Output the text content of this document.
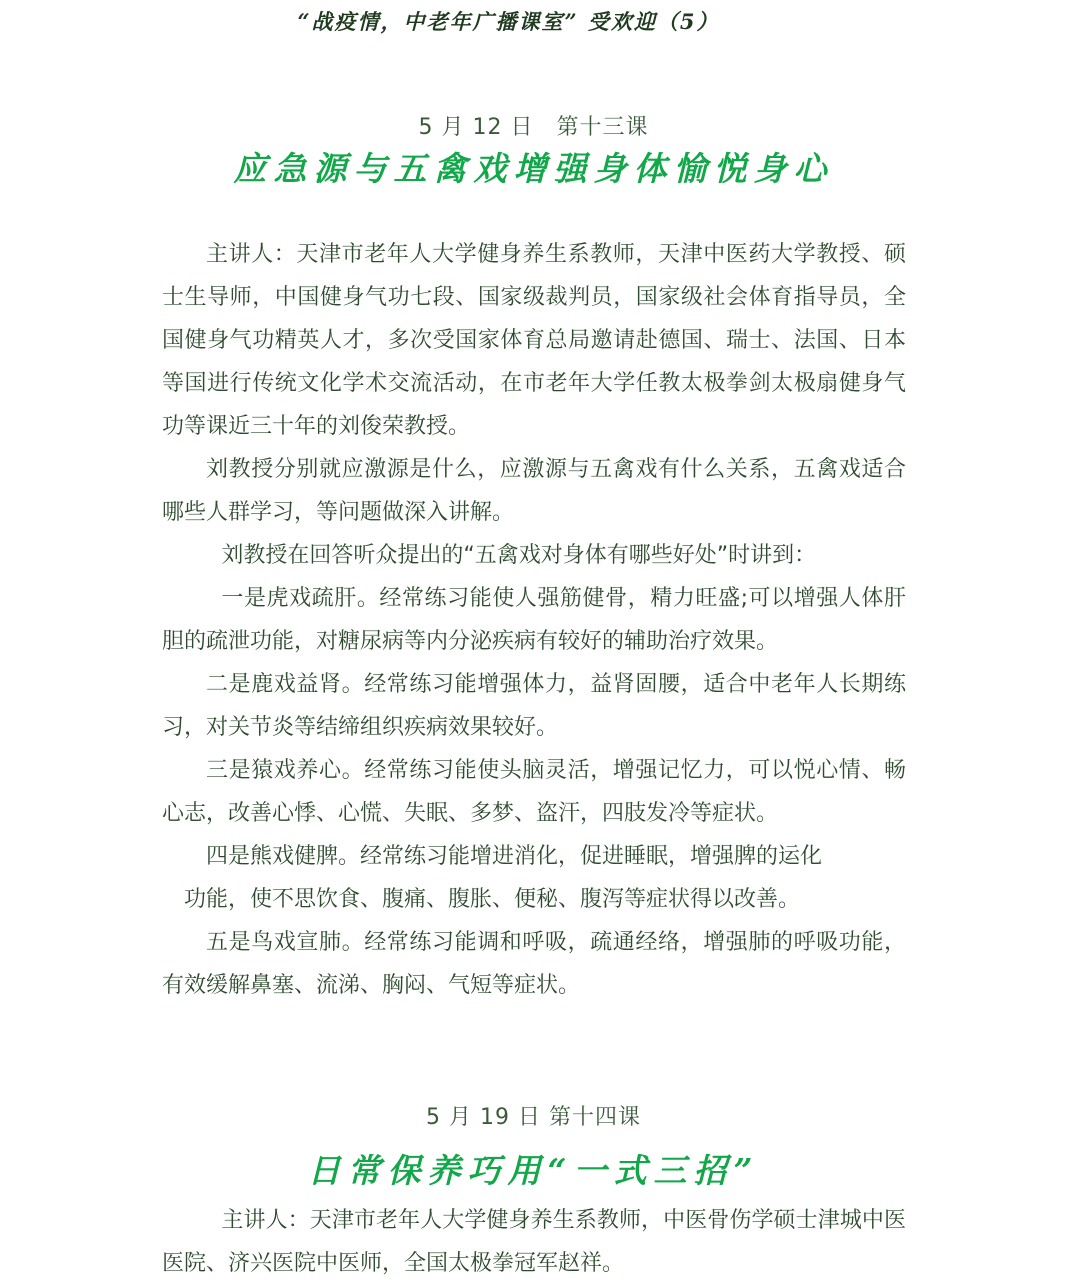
“战疫情，中老年广播课室” 受欢迎（5）
5 月 12 日　第十三课
应急源与五禽戏增强身体愉悦身心

主讲人：天津市老年人大学健身养生系教师，天津中医药大学教授、硕士生导师，中国健身气功七段、国家级裁判员，国家级社会体育指导员，全国健身气功精英人才，多次受国家体育总局邀请赴德国、瑞士、法国、日本等国进行传统文化学术交流活动，在市老年大学任教太极拳剑太极扇健身气功等课近三十年的刘俊荣教授。

刘教授分别就应激源是什么，应激源与五禽戏有什么关系，五禽戏适合哪些人群学习，等问题做深入讲解。

刘教授在回答听众提出的“五禽戏对身体有哪些好处”时讲到：

一是虎戏疏肝。经常练习能使人强筋健骨，精力旺盛;可以增强人体肝胆的疏泄功能，对糖尿病等内分泌疾病有较好的辅助治疗效果。

二是鹿戏益肾。经常练习能增强体力，益肾固腰，适合中老年人长期练习，对关节炎等结缔组织疾病效果较好。

三是猿戏养心。经常练习能使头脑灵活，增强记忆力，可以悦心情、畅心志，改善心悸、心慌、失眠、多梦、盗汗，四肢发冷等症状。

四是熊戏健脾。经常练习能增进消化，促进睡眠，增强脾的运化

功能，使不思饮食、腹痛、腹胀、便秘、腹泻等症状得以改善。

五是鸟戏宣肺。经常练习能调和呼吸，疏通经络，增强肺的呼吸功能，有效缓解鼻塞、流涕、胸闷、气短等症状。

5 月 19 日 第十四课
日常保养巧用“一式三招”

主讲人：天津市老年人大学健身养生系教师，中医骨伤学硕士津城中医医院、济兴医院中医师，全国太极拳冠军赵祥。
